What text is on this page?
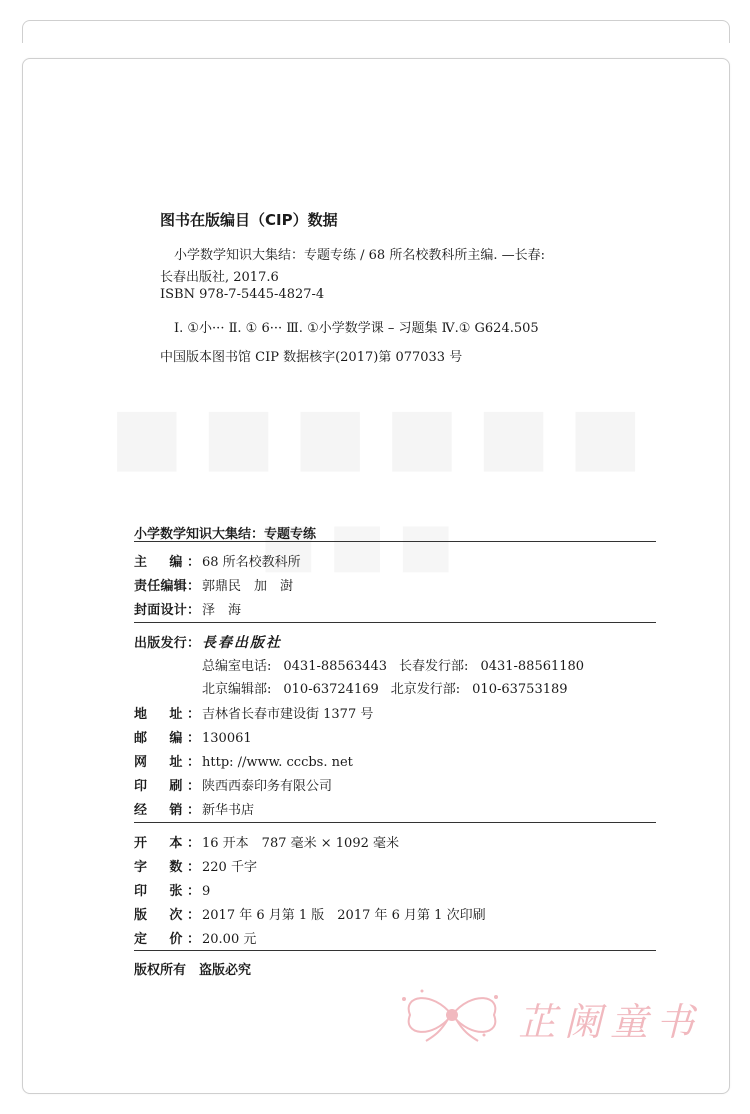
图书在版编目（CIP）数据
小学数学知识大集结：专题专练 / 68 所名校教科所主编. —长春:
长春出版社, 2017.6
ISBN 978-7-5445-4827-4
Ⅰ. ①小··· Ⅱ. ① 6··· Ⅲ. ①小学数学课 – 习题集 Ⅳ.① G624.505
中国版本图书馆 CIP 数据核字(2017)第 077033 号
小学数学知识大集结：专题专练
主　编： 68 所名校教科所
责任编辑： 郭鼎民　加　澍
封面设计： 泽　海
出版发行： 長春出版社
总编室电话: 0431-88563443 长春发行部: 0431-88561180
北京编辑部: 010-63724169 北京发行部: 010-63753189
地　址： 吉林省长春市建设街 1377 号
邮　编： 130061
网　址： http: //www. cccbs. net
印　刷： 陕西西泰印务有限公司
经　销： 新华书店
开　本： 16 开本　787 毫米 × 1092 毫米
字　数： 220 千字
印　张： 9
版　次： 2017 年 6 月第 1 版　2017 年 6 月第 1 次印刷
定　价： 20.00 元
版权所有　盗版必究
芷阑童书
